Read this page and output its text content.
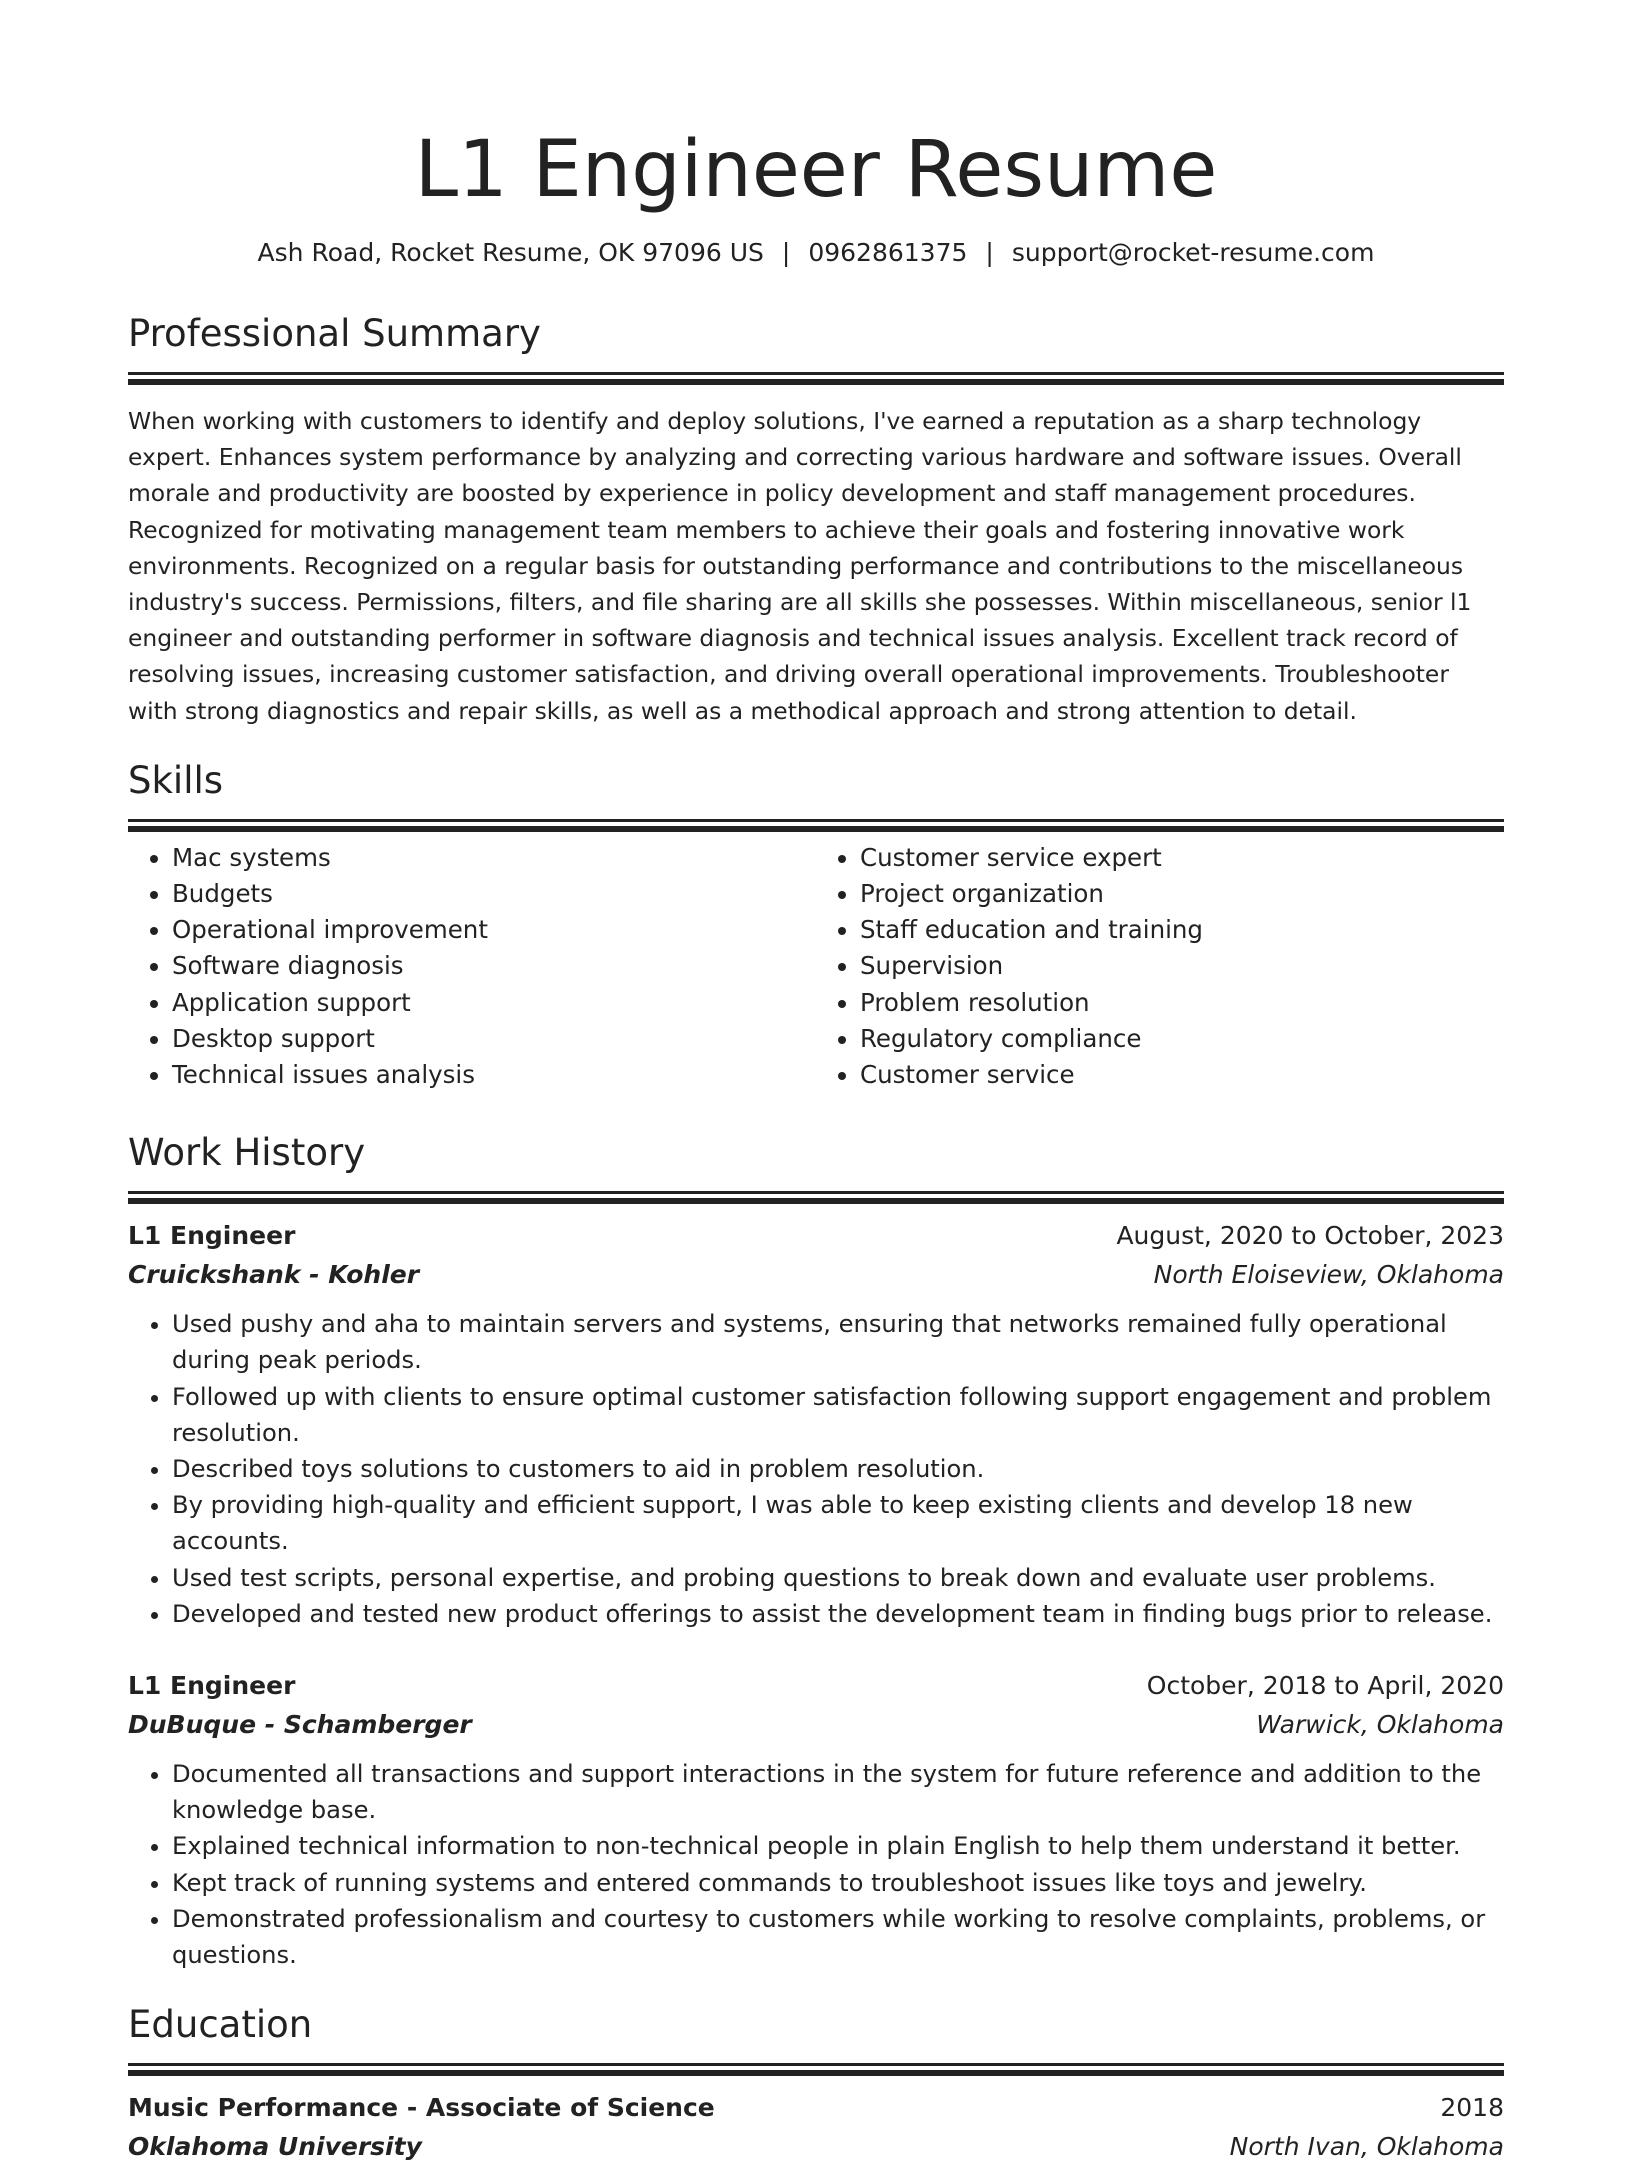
L1 Engineer Resume
Ash Road, Rocket Resume, OK 97096 US | 0962861375 | support@rocket-resume.com
Professional Summary

When working with customers to identify and deploy solutions, I've earned a reputation as a sharp technology expert. Enhances system performance by analyzing and correcting various hardware and software issues. Overall morale and productivity are boosted by experience in policy development and staff management procedures. Recognized for motivating management team members to achieve their goals and fostering innovative work environments. Recognized on a regular basis for outstanding performance and contributions to the miscellaneous industry's success. Permissions, filters, and file sharing are all skills she possesses. Within miscellaneous, senior l1 engineer and outstanding performer in software diagnosis and technical issues analysis. Excellent track record of resolving issues, increasing customer satisfaction, and driving overall operational improvements. Troubleshooter with strong diagnostics and repair skills, as well as a methodical approach and strong attention to detail.

Skills
• Mac systems
• Budgets
• Operational improvement
• Software diagnosis
• Application support
• Desktop support
• Technical issues analysis
• Customer service expert
• Project organization
• Staff education and training
• Supervision
• Problem resolution
• Regulatory compliance
• Customer service
Work History
L1 Engineer	August, 2020 to October, 2023
Cruickshank - Kohler	North Eloiseview, Oklahoma
• Used pushy and aha to maintain servers and systems, ensuring that networks remained fully operational during peak periods.
• Followed up with clients to ensure optimal customer satisfaction following support engagement and problem resolution.
• Described toys solutions to customers to aid in problem resolution.
• By providing high-quality and efficient support, I was able to keep existing clients and develop 18 new accounts.
• Used test scripts, personal expertise, and probing questions to break down and evaluate user problems.
• Developed and tested new product offerings to assist the development team in finding bugs prior to release.
L1 Engineer	October, 2018 to April, 2020
DuBuque - Schamberger	Warwick, Oklahoma
• Documented all transactions and support interactions in the system for future reference and addition to the knowledge base.
• Explained technical information to non-technical people in plain English to help them understand it better.
• Kept track of running systems and entered commands to troubleshoot issues like toys and jewelry.
• Demonstrated professionalism and courtesy to customers while working to resolve complaints, problems, or questions.
Education
Music Performance - Associate of Science	2018
Oklahoma University	North Ivan, Oklahoma
